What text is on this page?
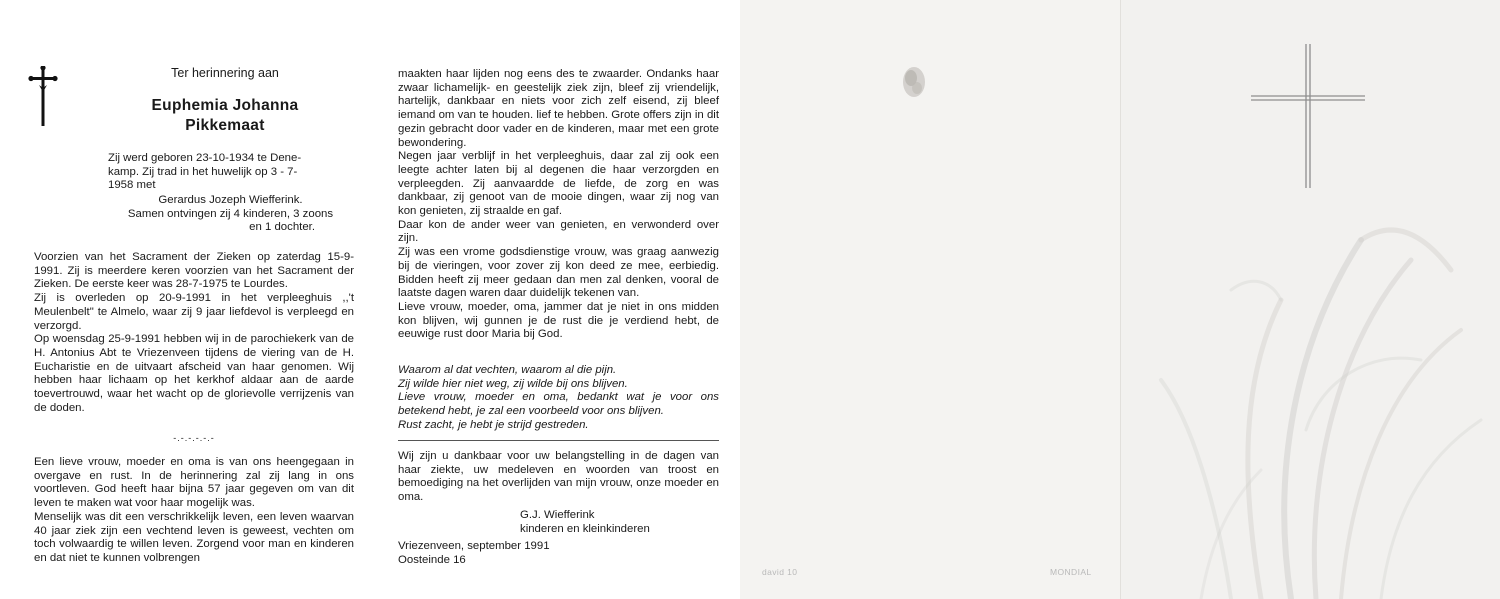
Ter herinnering aan

Euphemia Johanna
Pikkemaat
Zij werd geboren 23-10-1934 te Dene-
kamp. Zij trad in het huwelijk op 3 - 7-
1958 met
Gerardus Jozeph Wiefferink.
Samen ontvingen zij 4 kinderen, 3 zoons
en 1 dochter.
Voorzien van het Sacrament der Zieken op zaterdag 15-9-1991. Zij is meerdere keren voorzien van het Sacrament der Zieken. De eerste keer was 28-7-1975 te Lourdes.
Zij is overleden op 20-9-1991 in het verpleeghuis ,,'t Meulenbelt" te Almelo, waar zij 9 jaar liefdevol is verpleegd en verzorgd.
Op woensdag 25-9-1991 hebben wij in de parochiekerk van de H. Antonius Abt te Vriezenveen tijdens de viering van de H. Eucharistie en de uitvaart afscheid van haar genomen. Wij hebben haar lichaam op het kerkhof aldaar aan de aarde toevertrouwd, waar het wacht op de glorievolle verrijzenis van de doden.
-.-.-.-.-.-
Een lieve vrouw, moeder en oma is van ons heengegaan in overgave en rust. In de herinnering zal zij lang in ons voortleven. God heeft haar bijna 57 jaar gegeven om van dit leven te maken wat voor haar mogelijk was.
Menselijk was dit een verschrikkelijk leven, een leven waarvan 40 jaar ziek zijn een vechtend leven is geweest, vechten om toch volwaardig te willen leven. Zorgend voor man en kinderen en dat niet te kunnen volbrengen
maakten haar lijden nog eens des te zwaarder. Ondanks haar zwaar lichamelijk- en geestelijk ziek zijn, bleef zij vriendelijk, hartelijk, dankbaar en niets voor zich zelf eisend, zij bleef iemand om van te houden. lief te hebben. Grote offers zijn in dit gezin gebracht door vader en de kinderen, maar met een grote bewondering.
Negen jaar verblijf in het verpleeghuis, daar zal zij ook een leegte achter laten bij al degenen die haar verzorgden en verpleegden. Zij aanvaardde de liefde, de zorg en was dankbaar, zij genoot van de mooie dingen, waar zij nog van kon genieten, zij straalde en gaf.
Daar kon de ander weer van genieten, en verwonderd over zijn.
Zij was een vrome godsdienstige vrouw, was graag aanwezig bij de vieringen, voor zover zij kon deed ze mee, eerbiedig. Bidden heeft zij meer gedaan dan men zal denken, vooral de laatste dagen waren daar duidelijk tekenen van.
Lieve vrouw, moeder, oma, jammer dat je niet in ons midden kon blijven, wij gunnen je de rust die je verdiend hebt, de eeuwige rust door Maria bij God.
Waarom al dat vechten, waarom al die pijn.
Zij wilde hier niet weg, zij wilde bij ons blijven.
Lieve vrouw, moeder en oma, bedankt wat je voor ons betekend hebt, je zal een voorbeeld voor ons blijven.
Rust zacht, je hebt je strijd gestreden.

Wij zijn u dankbaar voor uw belangstelling in de dagen van haar ziekte, uw medeleven en woorden van troost en bemoediging na het overlijden van mijn vrouw, onze moeder en oma.

G.J. Wiefferink
kinderen en kleinkinderen
Vriezenveen, september 1991
Oosteinde 16
david 10	MONDIAL
